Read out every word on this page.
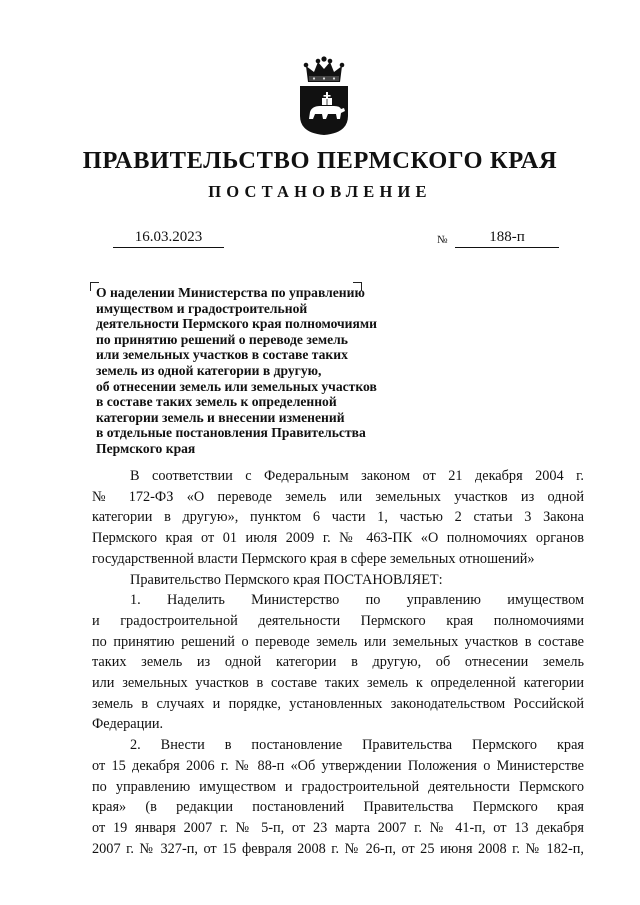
ПРАВИТЕЛЬСТВО ПЕРМСКОГО КРАЯ
ПОСТАНОВЛЕНИЕ
16.03.2023	№	188-п
О наделении Министерства по управлению
имуществом и градостроительной
деятельности Пермского края полномочиями
по принятию решений о переводе земель
или земельных участков в составе таких
земель из одной категории в другую,
об отнесении земель или земельных участков
в составе таких земель к определенной
категории земель и внесении изменений
в отдельные постановления Правительства
Пермского края
В соответствии с Федеральным законом от 21 декабря 2004 г.
№ 172-ФЗ «О переводе земель или земельных участков из одной
категории в другую», пунктом 6 части 1, частью 2 статьи 3 Закона
Пермского края от 01 июля 2009 г. № 463-ПК «О полномочиях органов
государственной власти Пермского края в сфере земельных отношений»
Правительство Пермского края ПОСТАНОВЛЯЕТ:
1. Наделить Министерство по управлению имуществом
и градостроительной деятельности Пермского края полномочиями
по принятию решений о переводе земель или земельных участков в составе
таких земель из одной категории в другую, об отнесении земель
или земельных участков в составе таких земель к определенной категории
земель в случаях и порядке, установленных законодательством Российской
Федерации.
2. Внести в постановление Правительства Пермского края
от 15 декабря 2006 г. № 88-п «Об утверждении Положения о Министерстве
по управлению имуществом и градостроительной деятельности Пермского
края» (в редакции постановлений Правительства Пермского края
от 19 января 2007 г. № 5-п, от 23 марта 2007 г. № 41-п, от 13 декабря
2007 г. № 327-п, от 15 февраля 2008 г. № 26-п, от 25 июня 2008 г. № 182-п,
